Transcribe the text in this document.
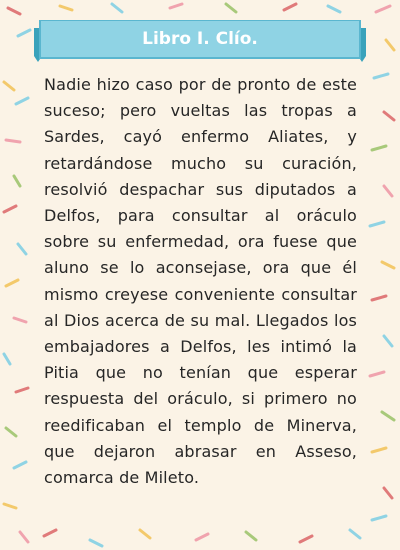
Libro I. Clío.

Nadie hizo caso por de pronto de este suceso; pero vueltas las tropas a Sardes, cayó enfermo Aliates, y retardándose mucho su curación, resolvió despachar sus diputados a Delfos, para consultar al oráculo sobre su enfermedad, ora fuese que aluno se lo aconsejase, ora que él mismo creyese conveniente consultar al Dios acerca de su mal. Llegados los embajadores a Delfos, les intimó la Pitia que no tenían que esperar respuesta del oráculo, si primero no reedificaban el templo de Minerva, que dejaron abrasar en Asseso, comarca de Mileto.
